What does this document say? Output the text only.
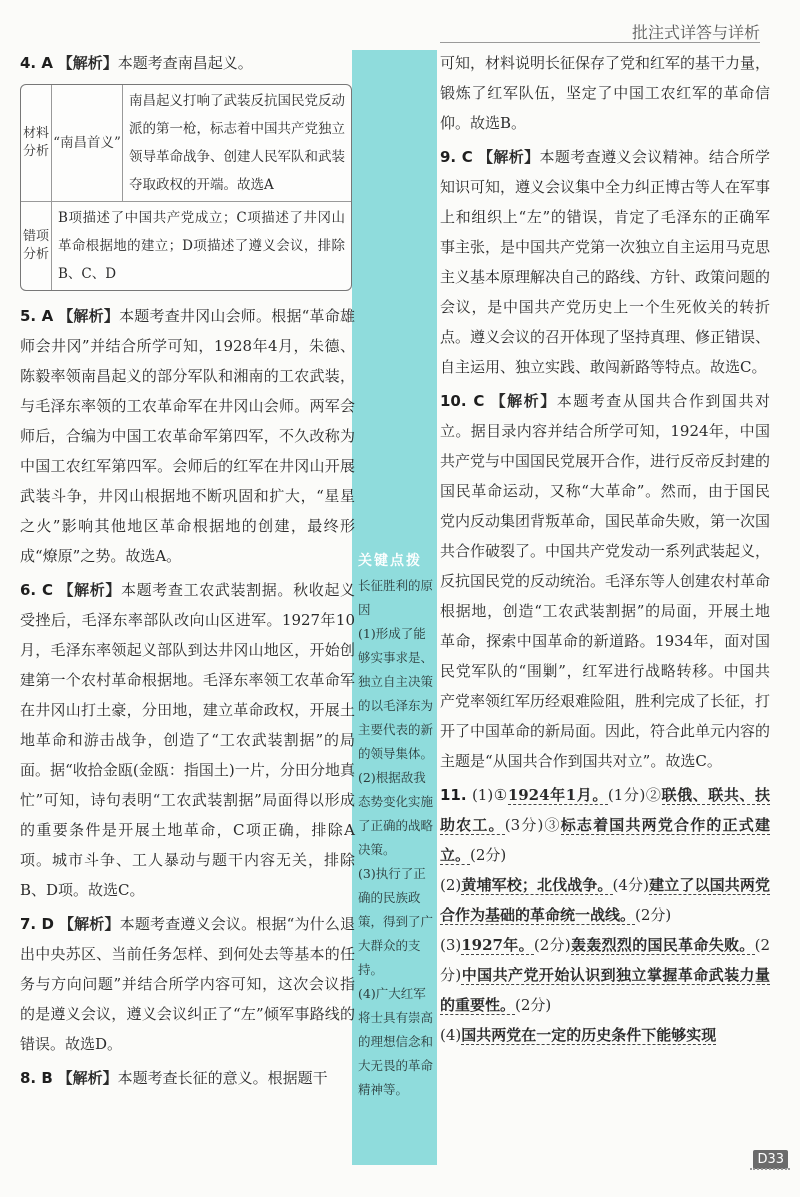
批注式详答与详析
关键点拨
长征胜利的原因
(1)形成了能够实事求是、独立自主决策的以毛泽东为主要代表的新的领导集体。
(2)根据敌我态势变化实施了正确的战略决策。
(3)执行了正确的民族政策，得到了广大群众的支持。
(4)广大红军将士具有崇高的理想信念和大无畏的革命精神等。

4. A 【解析】本题考查南昌起义。

材料分析
“南昌首义”
南昌起义打响了武装反抗国民党反动派的第一枪，标志着中国共产党独立领导革命战争、创建人民军队和武装夺取政权的开端。故选A
错项分析
B项描述了中国共产党成立；C项描述了井冈山革命根据地的建立；D项描述了遵义会议，排除B、C、D

5. A 【解析】本题考查井冈山会师。根据“革命雄师会井冈”并结合所学可知，1928年4月，朱德、陈毅率领南昌起义的部分军队和湘南的工农武装，与毛泽东率领的工农革命军在井冈山会师。两军会师后，合编为中国工农革命军第四军，不久改称为中国工农红军第四军。会师后的红军在井冈山开展武装斗争，井冈山根据地不断巩固和扩大，“星星之火”影响其他地区革命根据地的创建，最终形成“燎原”之势。故选A。

6. C 【解析】本题考查工农武装割据。秋收起义受挫后，毛泽东率部队改向山区进军。1927年10月，毛泽东率领起义部队到达井冈山地区，开始创建第一个农村革命根据地。毛泽东率领工农革命军在井冈山打土豪，分田地，建立革命政权，开展土地革命和游击战争，创造了“工农武装割据”的局面。据“收拾金瓯(金瓯：指国土)一片，分田分地真忙”可知，诗句表明“工农武装割据”局面得以形成的重要条件是开展土地革命，C项正确，排除A项。城市斗争、工人暴动与题干内容无关，排除B、D项。故选C。

7. D 【解析】本题考查遵义会议。根据“为什么退出中央苏区、当前任务怎样、到何处去等基本的任务与方向问题”并结合所学内容可知，这次会议指的是遵义会议，遵义会议纠正了“左”倾军事路线的错误。故选D。

8. B 【解析】本题考查长征的意义。根据题干

可知，材料说明长征保存了党和红军的基干力量，锻炼了红军队伍，坚定了中国工农红军的革命信仰。故选B。

9. C 【解析】本题考查遵义会议精神。结合所学知识可知，遵义会议集中全力纠正博古等人在军事上和组织上“左”的错误，肯定了毛泽东的正确军事主张，是中国共产党第一次独立自主运用马克思主义基本原理解决自己的路线、方针、政策问题的会议，是中国共产党历史上一个生死攸关的转折点。遵义会议的召开体现了坚持真理、修正错误、自主运用、独立实践、敢闯新路等特点。故选C。

10. C 【解析】本题考查从国共合作到国共对立。据目录内容并结合所学可知，1924年，中国共产党与中国国民党展开合作，进行反帝反封建的国民革命运动，又称“大革命”。然而，由于国民党内反动集团背叛革命，国民革命失败，第一次国共合作破裂了。中国共产党发动一系列武装起义，反抗国民党的反动统治。毛泽东等人创建农村革命根据地，创造“工农武装割据”的局面，开展土地革命，探索中国革命的新道路。1934年，面对国民党军队的“围剿”，红军进行战略转移。中国共产党率领红军历经艰难险阻，胜利完成了长征，打开了中国革命的新局面。因此，符合此单元内容的主题是“从国共合作到国共对立”。故选C。

11. (1)①1924年1月。(1分)②联俄、联共、扶助农工。(3分)③标志着国共两党合作的正式建立。(2分)

(2)黄埔军校；北伐战争。(4分)建立了以国共两党合作为基础的革命统一战线。(2分)

(3)1927年。(2分)轰轰烈烈的国民革命失败。(2分)中国共产党开始认识到独立掌握革命武装力量的重要性。(2分)

(4)国共两党在一定的历史条件下能够实现

D33
